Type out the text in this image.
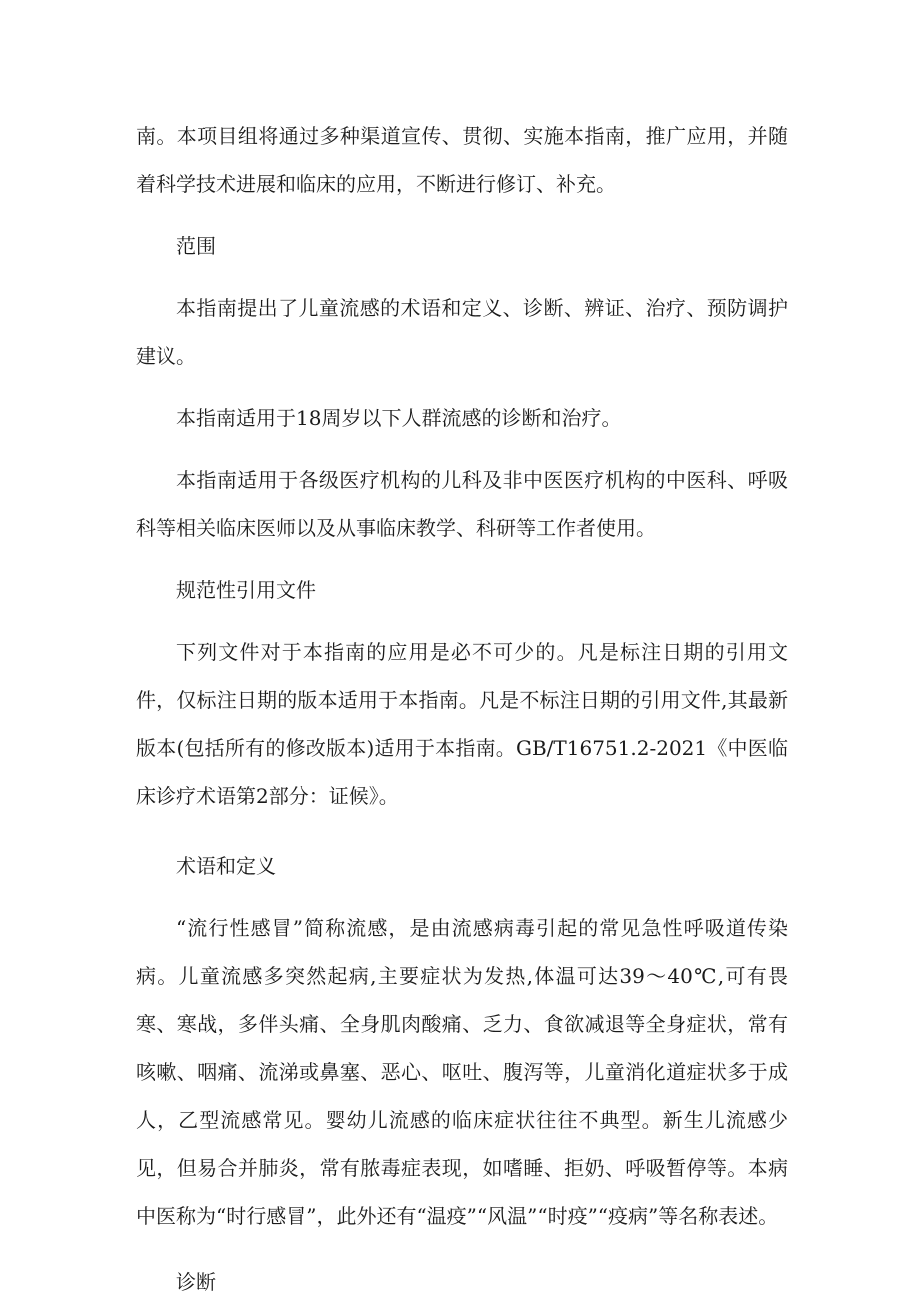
南。本项目组将通过多种渠道宣传、贯彻、实施本指南，推广应用，并随着科学技术进展和临床的应用，不断进行修订、补充。

范围

本指南提出了儿童流感的术语和定义、诊断、辨证、治疗、预防调护建议。

本指南适用于18周岁以下人群流感的诊断和治疗。

本指南适用于各级医疗机构的儿科及非中医医疗机构的中医科、呼吸科等相关临床医师以及从事临床教学、科研等工作者使用。

规范性引用文件

下列文件对于本指南的应用是必不可少的。凡是标注日期的引用文件，仅标注日期的版本适用于本指南。凡是不标注日期的引用文件,其最新版本(包括所有的修改版本)适用于本指南。GB/T16751.2-2021《中医临床诊疗术语第2部分：证候》。

术语和定义

“流行性感冒”简称流感，是由流感病毒引起的常见急性呼吸道传染病。儿童流感多突然起病,主要症状为发热,体温可达39～40℃,可有畏寒、寒战，多伴头痛、全身肌肉酸痛、乏力、食欲减退等全身症状，常有咳嗽、咽痛、流涕或鼻塞、恶心、呕吐、腹泻等，儿童消化道症状多于成人，乙型流感常见。婴幼儿流感的临床症状往往不典型。新生儿流感少见，但易合并肺炎，常有脓毒症表现，如嗜睡、拒奶、呼吸暂停等。本病中医称为“时行感冒”，此外还有“温疫”“风温”“时疫”“疫病”等名称表述。

诊断
